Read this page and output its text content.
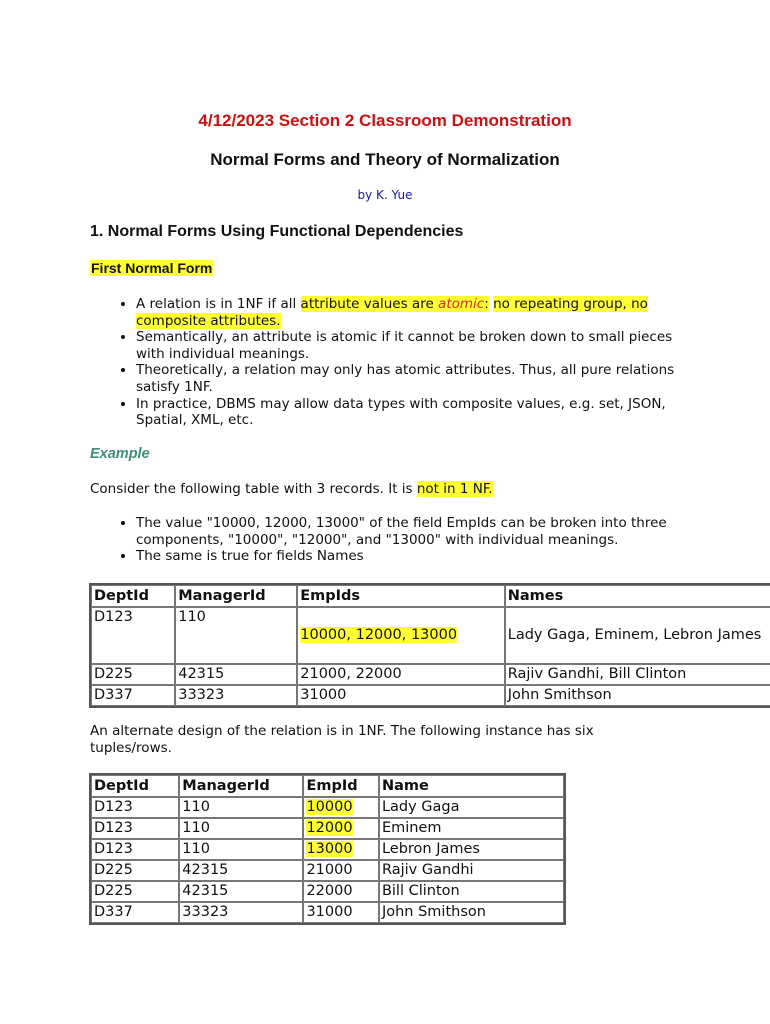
4/12/2023 Section 2 Classroom Demonstration
Normal Forms and Theory of Normalization
by K. Yue
1. Normal Forms Using Functional Dependencies
First Normal Form
• A relation is in 1NF if all attribute values are atomic: no repeating group, no composite attributes.
• Semantically, an attribute is atomic if it cannot be broken down to small pieces with individual meanings.
• Theoretically, a relation may only has atomic attributes. Thus, all pure relations satisfy 1NF.
• In practice, DBMS may allow data types with composite values, e.g. set, JSON, Spatial, XML, etc.
Example
Consider the following table with 3 records. It is not in 1 NF.
• The value "10000, 12000, 13000" of the field EmpIds can be broken into three components, "10000", "12000", and "13000" with individual meanings.
• The same is true for fields Names
DeptId	ManagerId	EmpIds	Names
D123	110	10000, 12000, 13000	Lady Gaga, Eminem, Lebron James
D225	42315	21000, 22000	Rajiv Gandhi, Bill Clinton
D337	33323	31000	John Smithson
An alternate design of the relation is in 1NF. The following instance has six tuples/rows.
DeptId	ManagerId	EmpId	Name
D123	110	10000	Lady Gaga
D123	110	12000	Eminem
D123	110	13000	Lebron James
D225	42315	21000	Rajiv Gandhi
D225	42315	22000	Bill Clinton
D337	33323	31000	John Smithson
